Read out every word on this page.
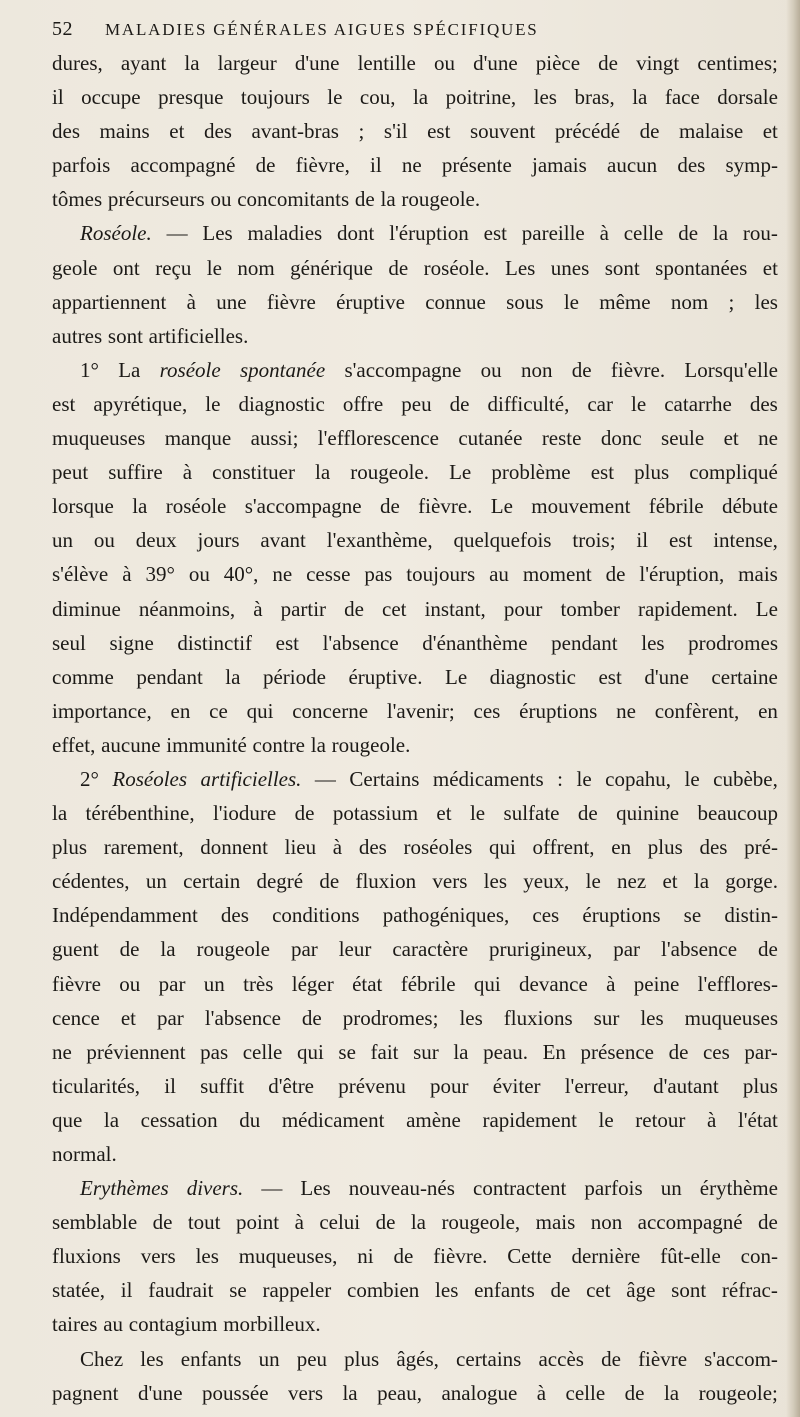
52 MALADIES GÉNÉRALES AIGUES SPÉCIFIQUES
dures, ayant la largeur d'une lentille ou d'une pièce de vingt centimes;
il occupe presque toujours le cou, la poitrine, les bras, la face dorsale
des mains et des avant-bras ; s'il est souvent précédé de malaise et
parfois accompagné de fièvre, il ne présente jamais aucun des symp-
tômes précurseurs ou concomitants de la rougeole.
Roséole. — Les maladies dont l'éruption est pareille à celle de la rou-
geole ont reçu le nom générique de roséole. Les unes sont spontanées et
appartiennent à une fièvre éruptive connue sous le même nom ; les
autres sont artificielles.
1° La roséole spontanée s'accompagne ou non de fièvre. Lorsqu'elle
est apyrétique, le diagnostic offre peu de difficulté, car le catarrhe des
muqueuses manque aussi; l'efflorescence cutanée reste donc seule et ne
peut suffire à constituer la rougeole. Le problème est plus compliqué
lorsque la roséole s'accompagne de fièvre. Le mouvement fébrile débute
un ou deux jours avant l'exanthème, quelquefois trois; il est intense,
s'élève à 39° ou 40°, ne cesse pas toujours au moment de l'éruption, mais
diminue néanmoins, à partir de cet instant, pour tomber rapidement. Le
seul signe distinctif est l'absence d'énanthème pendant les prodromes
comme pendant la période éruptive. Le diagnostic est d'une certaine
importance, en ce qui concerne l'avenir; ces éruptions ne confèrent, en
effet, aucune immunité contre la rougeole.
2° Roséoles artificielles. — Certains médicaments : le copahu, le cubèbe,
la térébenthine, l'iodure de potassium et le sulfate de quinine beaucoup
plus rarement, donnent lieu à des roséoles qui offrent, en plus des pré-
cédentes, un certain degré de fluxion vers les yeux, le nez et la gorge.
Indépendamment des conditions pathogéniques, ces éruptions se distin-
guent de la rougeole par leur caractère prurigineux, par l'absence de
fièvre ou par un très léger état fébrile qui devance à peine l'efflores-
cence et par l'absence de prodromes; les fluxions sur les muqueuses
ne préviennent pas celle qui se fait sur la peau. En présence de ces par-
ticularités, il suffit d'être prévenu pour éviter l'erreur, d'autant plus
que la cessation du médicament amène rapidement le retour à l'état
normal.
Erythèmes divers. — Les nouveau-nés contractent parfois un érythème
semblable de tout point à celui de la rougeole, mais non accompagné de
fluxions vers les muqueuses, ni de fièvre. Cette dernière fût-elle con-
statée, il faudrait se rappeler combien les enfants de cet âge sont réfrac-
taires au contagium morbilleux.
Chez les enfants un peu plus âgés, certains accès de fièvre s'accom-
pagnent d'une poussée vers la peau, analogue à celle de la rougeole;
